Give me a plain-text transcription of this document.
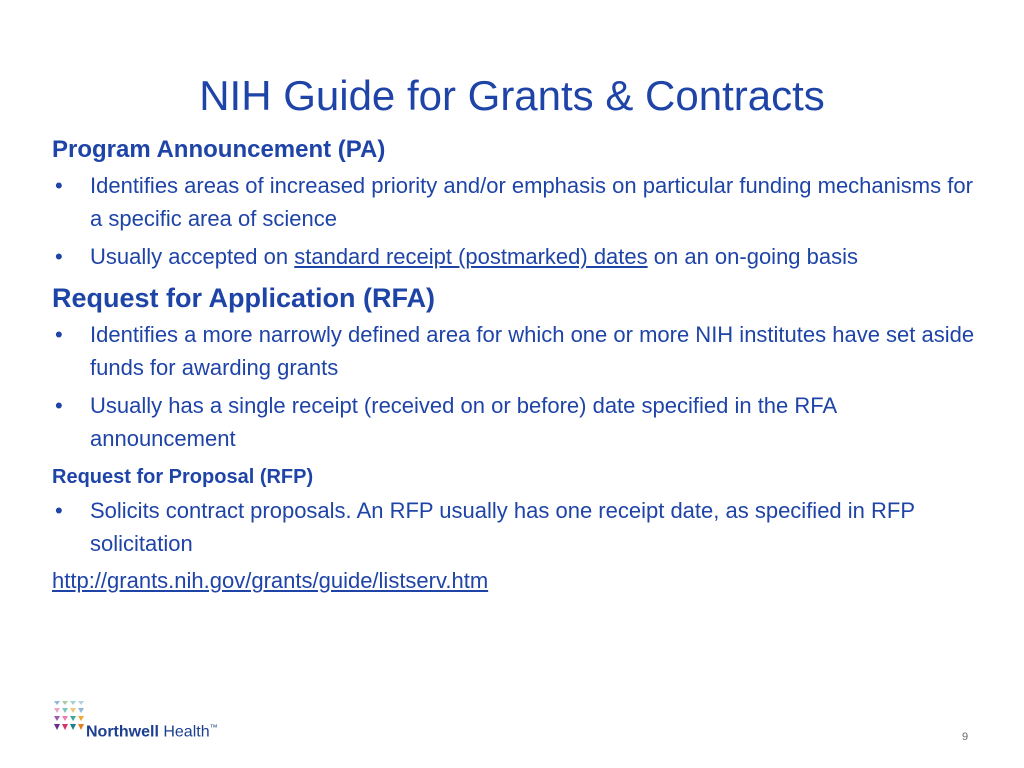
NIH Guide for Grants & Contracts

Program Announcement (PA)

• Identifies areas of increased priority and/or emphasis on particular funding mechanisms for a specific area of science
• Usually accepted on standard receipt (postmarked) dates on an on-going basis

Request for Application (RFA)

• Identifies a more narrowly defined area for which one or more NIH institutes have set aside funds for awarding grants
• Usually has a single receipt (received on or before) date specified in the RFA announcement

Request for Proposal (RFP)

• Solicits contract proposals. An RFP usually has one receipt date, as specified in RFP solicitation
http://grants.nih.gov/grants/guide/listserv.htm
Northwell Health™
9
